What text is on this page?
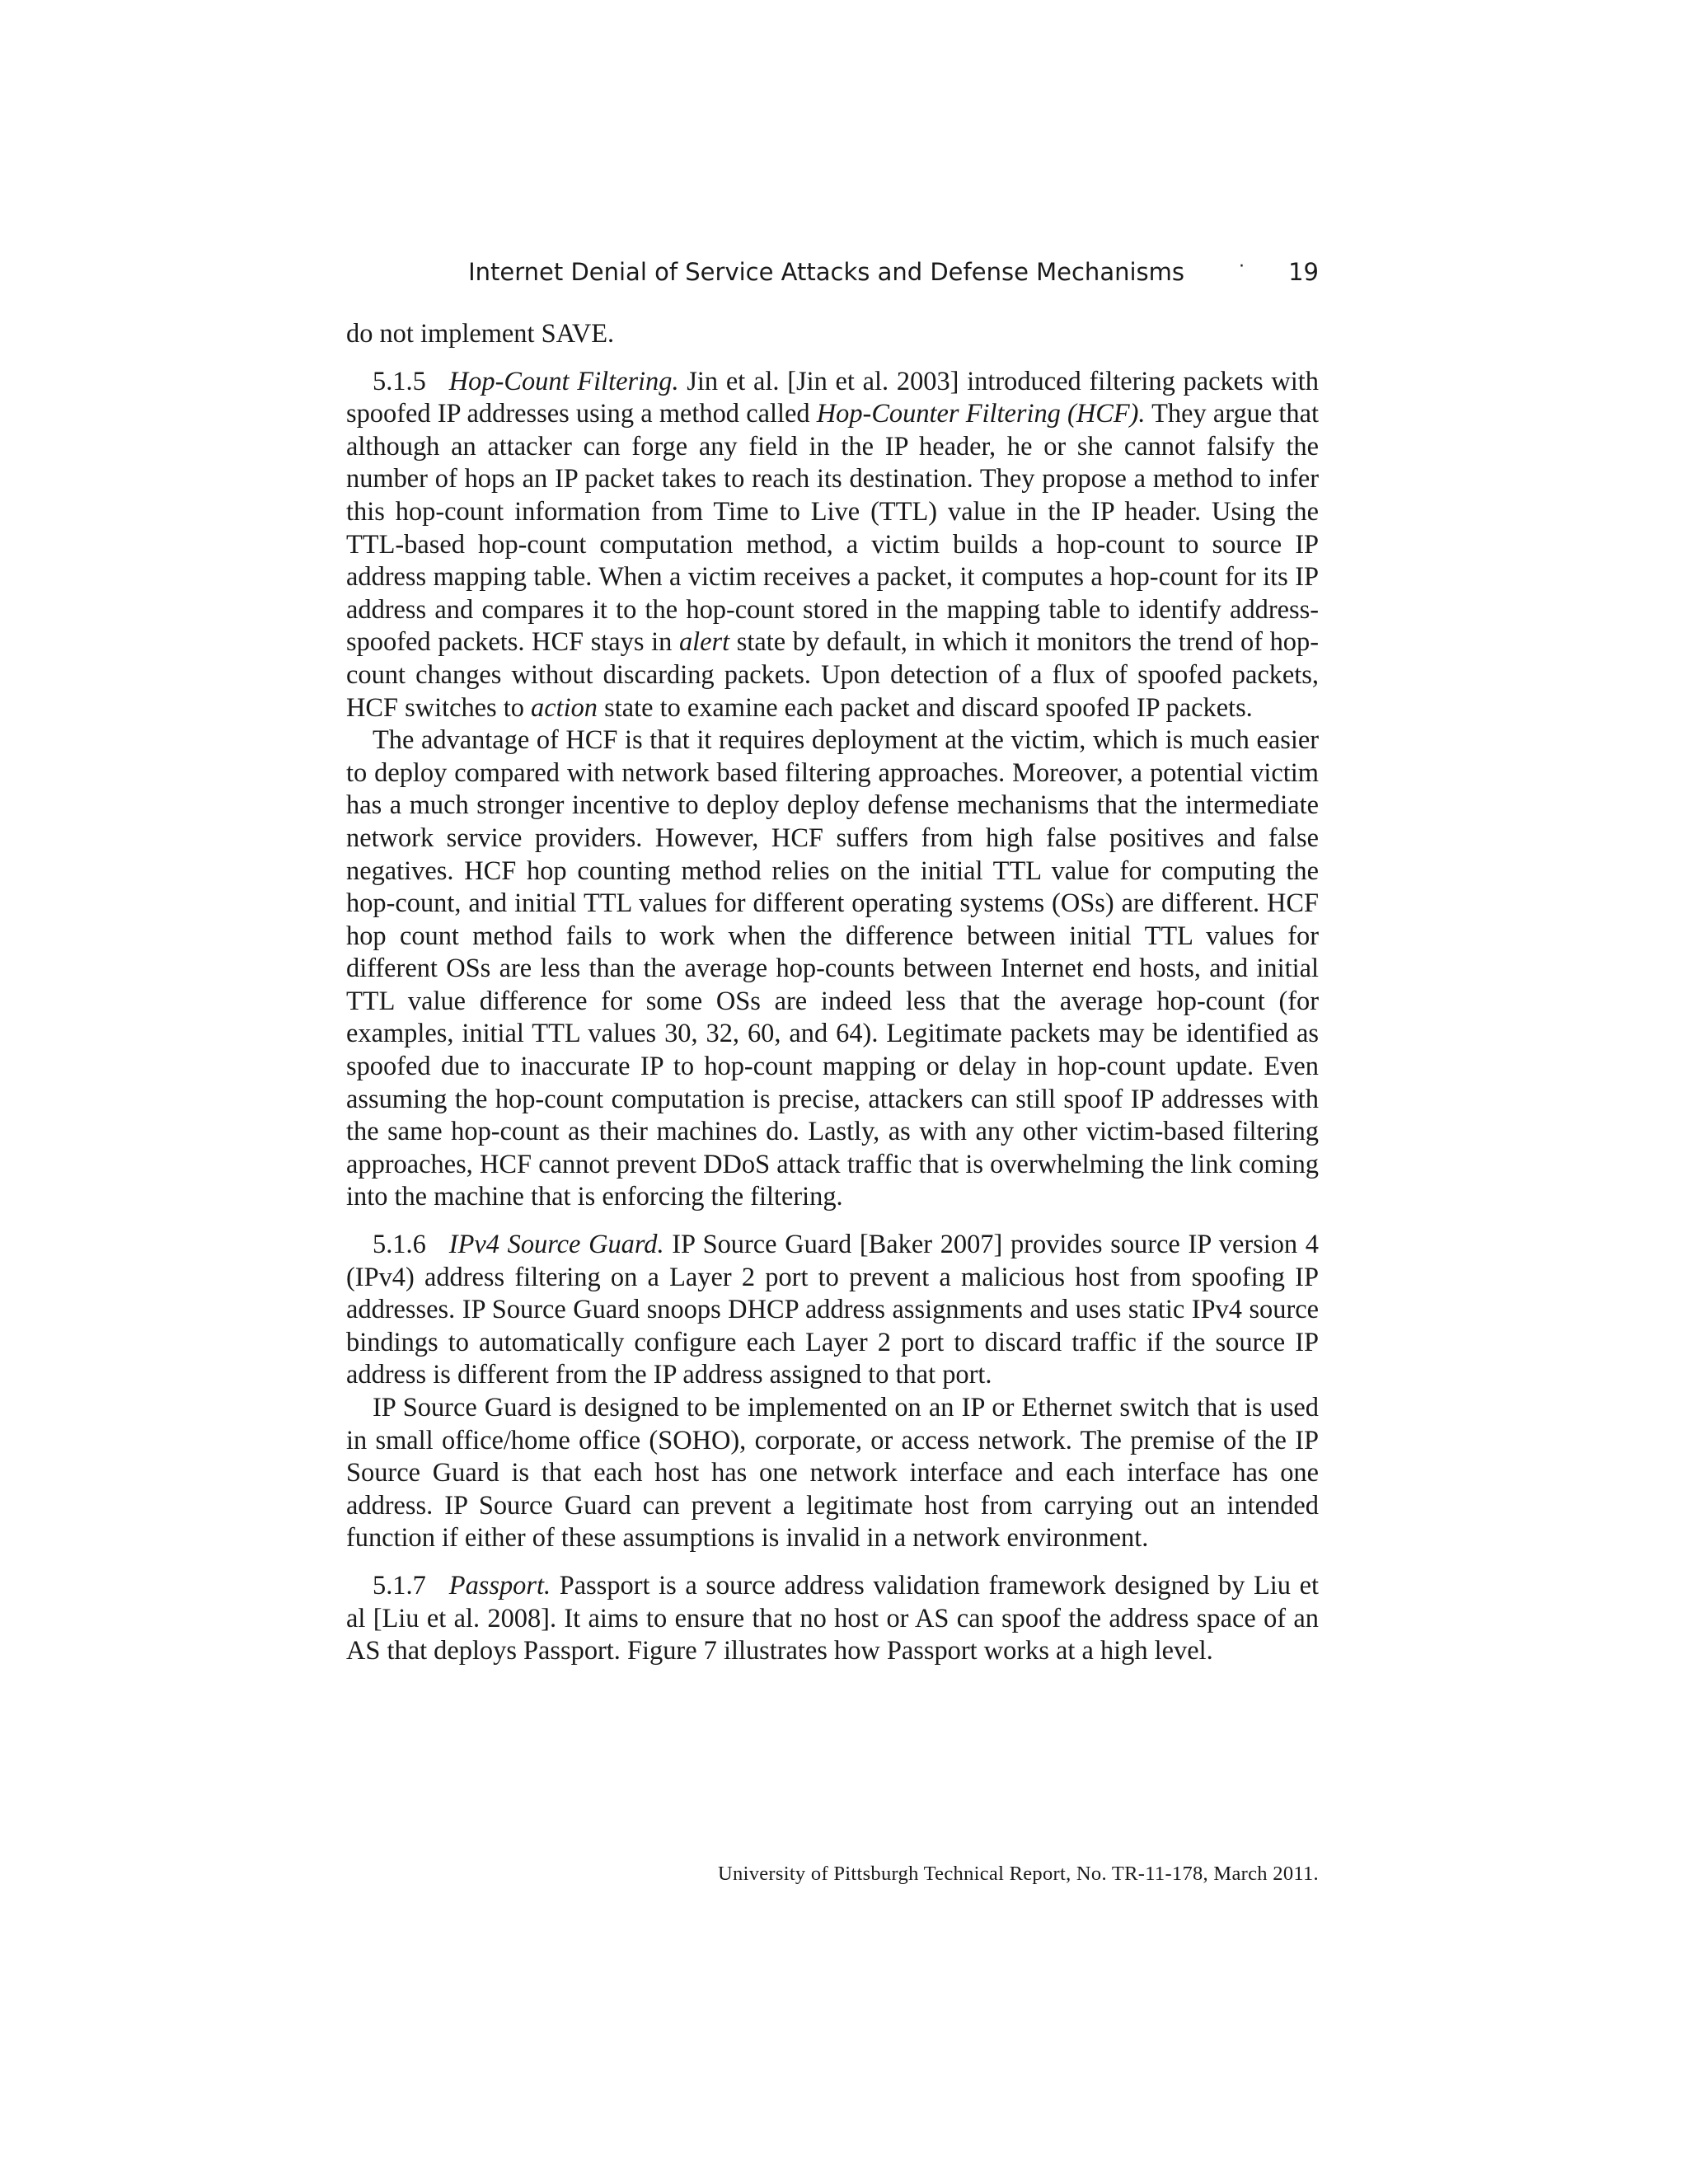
Internet Denial of Service Attacks and Defense Mechanisms	· 19

do not implement SAVE.

5.1.5 Hop-Count Filtering. Jin et al. [Jin et al. 2003] introduced filtering packets with spoofed IP addresses using a method called Hop-Counter Filtering (HCF). They argue that although an attacker can forge any field in the IP header, he or she cannot falsify the number of hops an IP packet takes to reach its destination. They propose a method to infer this hop-count information from Time to Live (TTL) value in the IP header. Using the TTL-based hop-count computation method, a victim builds a hop-count to source IP address mapping table. When a victim receives a packet, it computes a hop-count for its IP address and compares it to the hop-count stored in the mapping table to identify address-spoofed packets. HCF stays in alert state by default, in which it monitors the trend of hop-count changes without discarding packets. Upon detection of a flux of spoofed packets, HCF switches to action state to examine each packet and discard spoofed IP packets.

The advantage of HCF is that it requires deployment at the victim, which is much easier to deploy compared with network based filtering approaches. Moreover, a potential victim has a much stronger incentive to deploy deploy defense mechanisms that the intermediate network service providers. However, HCF suffers from high false positives and false negatives. HCF hop counting method relies on the initial TTL value for computing the hop-count, and initial TTL values for different operating systems (OSs) are different. HCF hop count method fails to work when the difference between initial TTL values for different OSs are less than the average hop-counts between Internet end hosts, and initial TTL value difference for some OSs are indeed less that the average hop-count (for examples, initial TTL values 30, 32, 60, and 64). Legitimate packets may be identified as spoofed due to inaccurate IP to hop-count mapping or delay in hop-count update. Even assuming the hop-count computation is precise, attackers can still spoof IP addresses with the same hop-count as their machines do. Lastly, as with any other victim-based filtering approaches, HCF cannot prevent DDoS attack traffic that is overwhelming the link coming into the machine that is enforcing the filtering.

5.1.6 IPv4 Source Guard. IP Source Guard [Baker 2007] provides source IP version 4 (IPv4) address filtering on a Layer 2 port to prevent a malicious host from spoofing IP addresses. IP Source Guard snoops DHCP address assignments and uses static IPv4 source bindings to automatically configure each Layer 2 port to discard traffic if the source IP address is different from the IP address assigned to that port.

IP Source Guard is designed to be implemented on an IP or Ethernet switch that is used in small office/home office (SOHO), corporate, or access network. The premise of the IP Source Guard is that each host has one network interface and each interface has one address. IP Source Guard can prevent a legitimate host from carrying out an intended function if either of these assumptions is invalid in a network environment.

5.1.7 Passport. Passport is a source address validation framework designed by Liu et al [Liu et al. 2008]. It aims to ensure that no host or AS can spoof the address space of an AS that deploys Passport. Figure 7 illustrates how Passport works at a high level.

University of Pittsburgh Technical Report, No. TR-11-178, March 2011.
